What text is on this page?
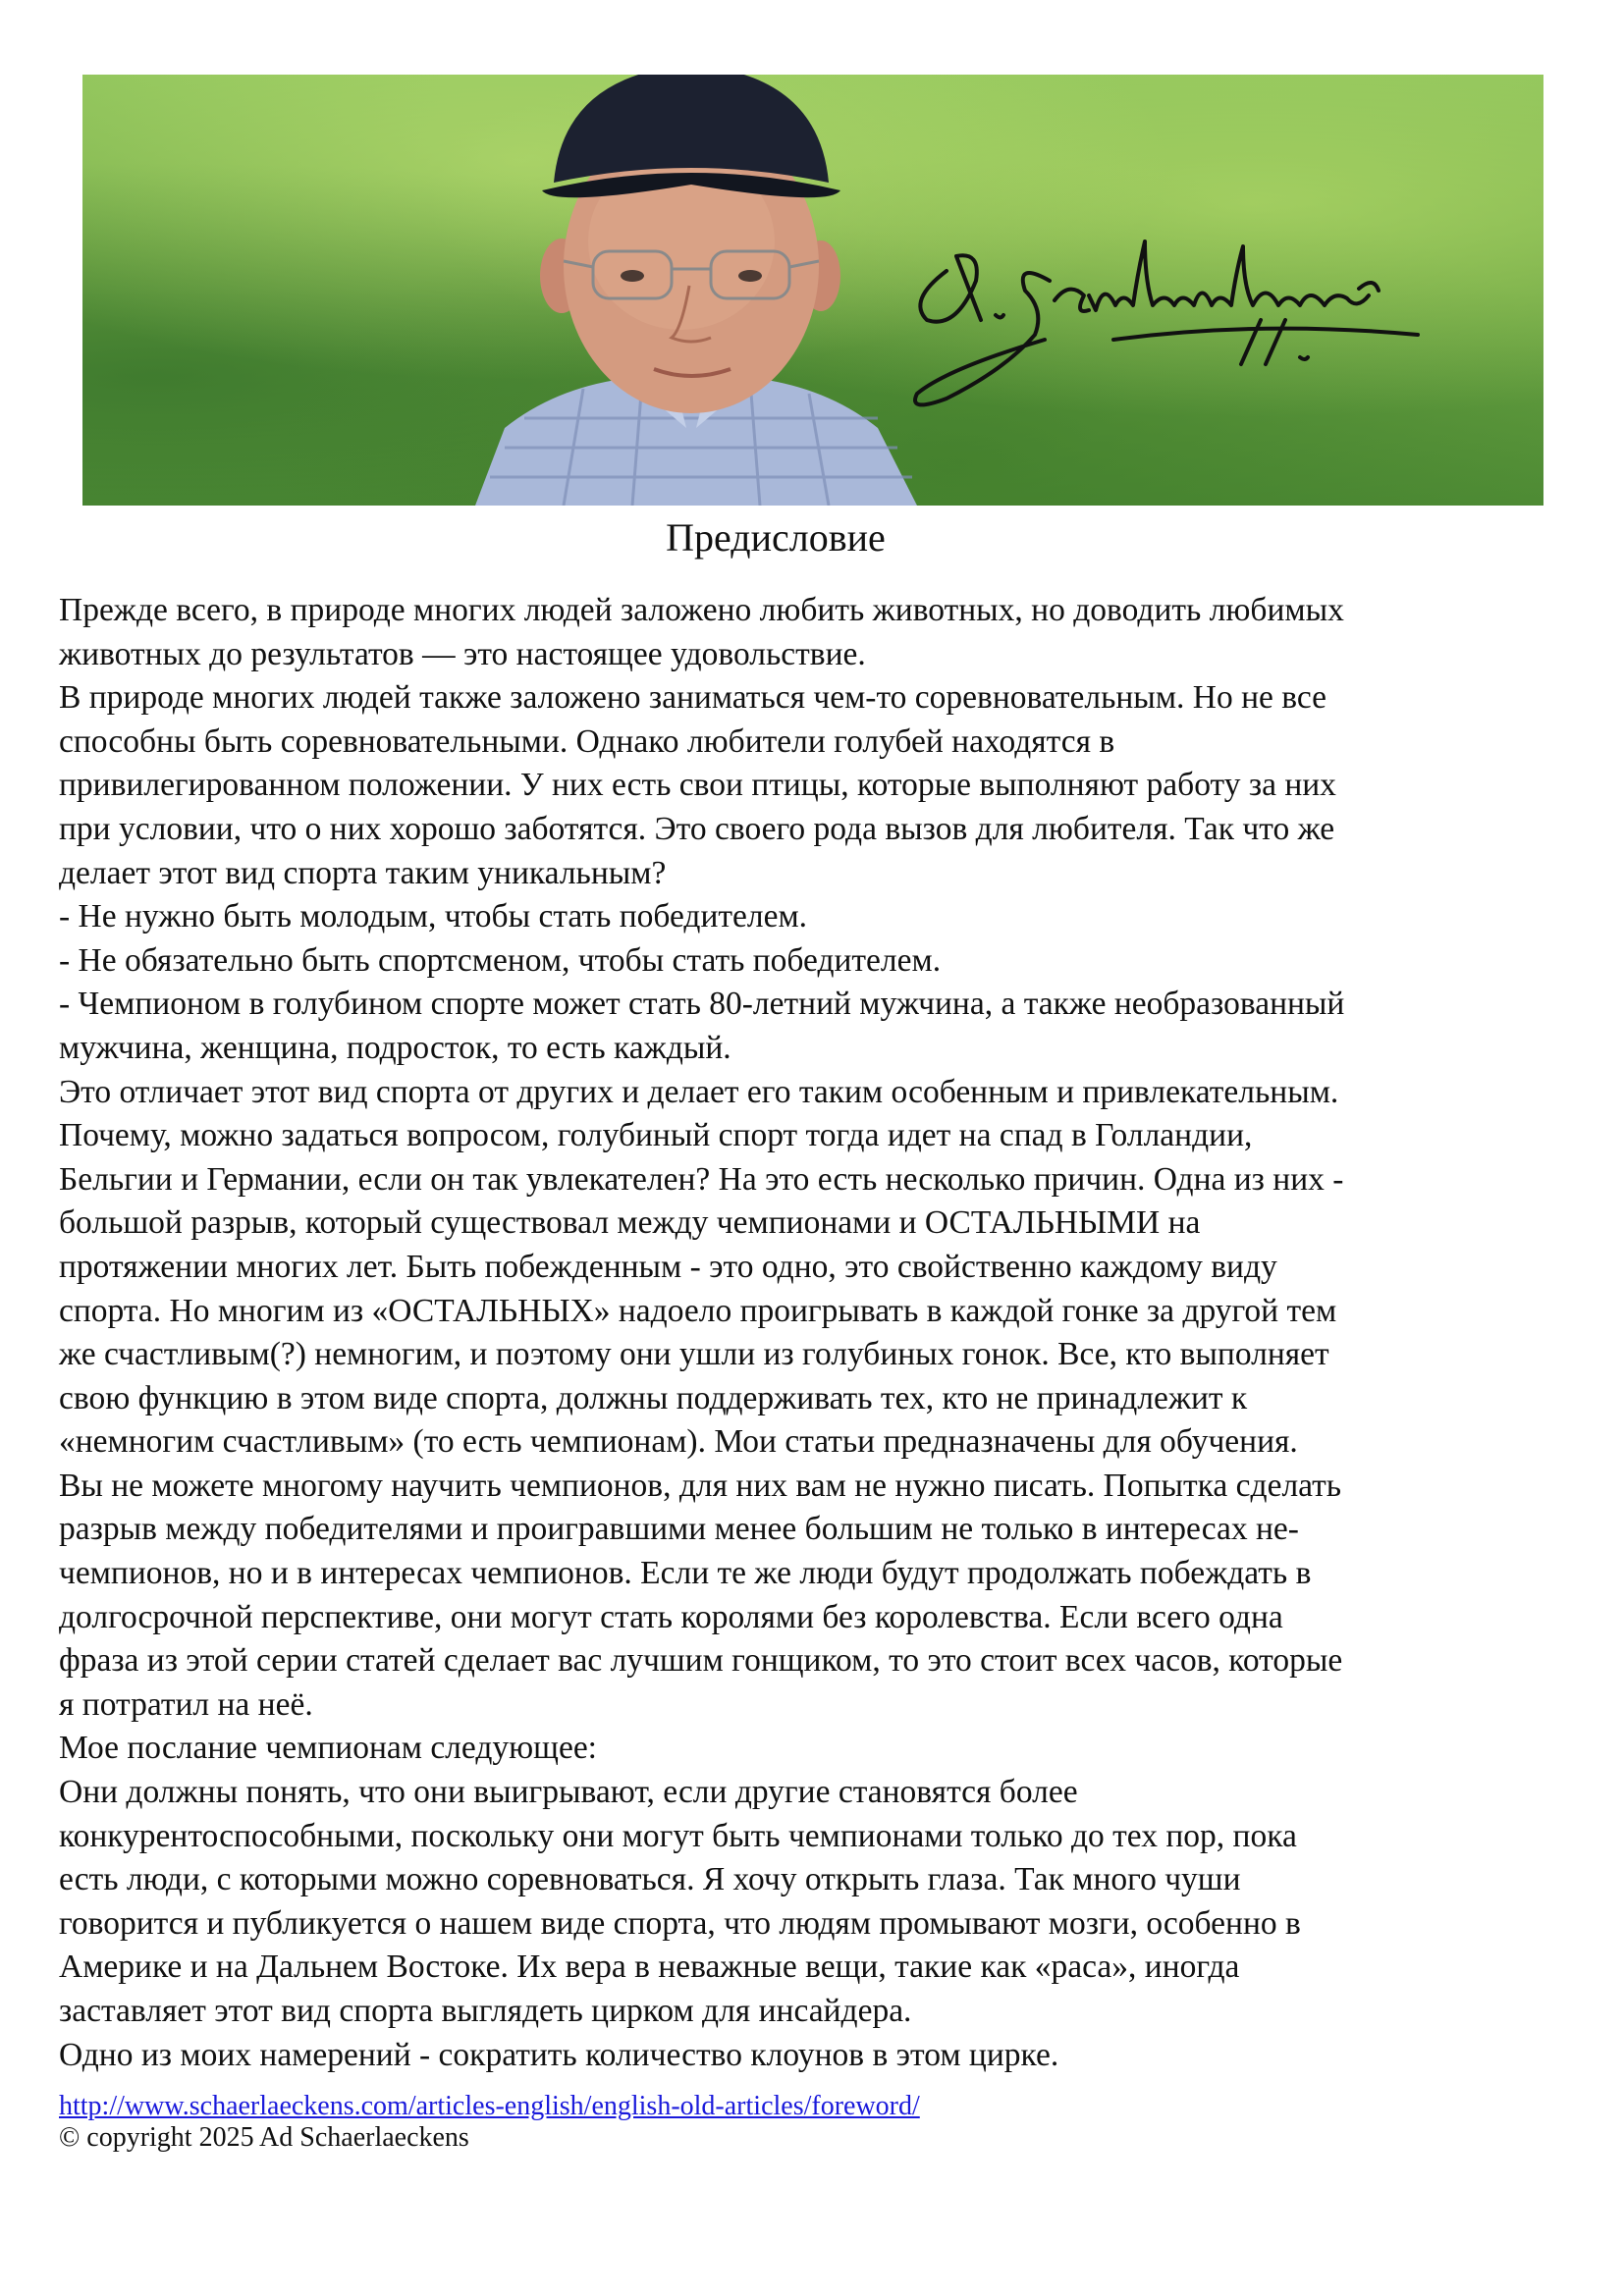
Предисловие

Прежде всего, в природе многих людей заложено любить животных, но доводить любимых

животных до результатов — это настоящее удовольствие.

В природе многих людей также заложено заниматься чем-то соревновательным. Но не все

способны быть соревновательными. Однако любители голубей находятся в

привилегированном положении. У них есть свои птицы, которые выполняют работу за них

при условии, что о них хорошо заботятся. Это своего рода вызов для любителя. Так что же

делает этот вид спорта таким уникальным?

- Не нужно быть молодым, чтобы стать победителем.

- Не обязательно быть спортсменом, чтобы стать победителем.

- Чемпионом в голубином спорте может стать 80-летний мужчина, а также необразованный

мужчина, женщина, подросток, то есть каждый.

Это отличает этот вид спорта от других и делает его таким особенным и привлекательным.

Почему, можно задаться вопросом, голубиный спорт тогда идет на спад в Голландии,

Бельгии и Германии, если он так увлекателен? На это есть несколько причин. Одна из них -

большой разрыв, который существовал между чемпионами и ОСТАЛЬНЫМИ на

протяжении многих лет. Быть побежденным - это одно, это свойственно каждому виду

спорта. Но многим из «ОСТАЛЬНЫХ» надоело проигрывать в каждой гонке за другой тем

же счастливым(?) немногим, и поэтому они ушли из голубиных гонок. Все, кто выполняет

свою функцию в этом виде спорта, должны поддерживать тех, кто не принадлежит к

«немногим счастливым» (то есть чемпионам). Мои статьи предназначены для обучения.

Вы не можете многому научить чемпионов, для них вам не нужно писать. Попытка сделать

разрыв между победителями и проигравшими менее большим не только в интересах не-

чемпионов, но и в интересах чемпионов. Если те же люди будут продолжать побеждать в

долгосрочной перспективе, они могут стать королями без королевства. Если всего одна

фраза из этой серии статей сделает вас лучшим гонщиком, то это стоит всех часов, которые

я потратил на неё.

Мое послание чемпионам следующее:

Они должны понять, что они выигрывают, если другие становятся более

конкурентоспособными, поскольку они могут быть чемпионами только до тех пор, пока

есть люди, с которыми можно соревноваться. Я хочу открыть глаза. Так много чуши

говорится и публикуется о нашем виде спорта, что людям промывают мозги, особенно в

Америке и на Дальнем Востоке. Их вера в неважные вещи, такие как «раса», иногда

заставляет этот вид спорта выглядеть цирком для инсайдера.

Одно из моих намерений - сократить количество клоунов в этом цирке.

http://www.schaerlaeckens.com/articles-english/english-old-articles/foreword/
© copyright 2025 Ad Schaerlaeckens
